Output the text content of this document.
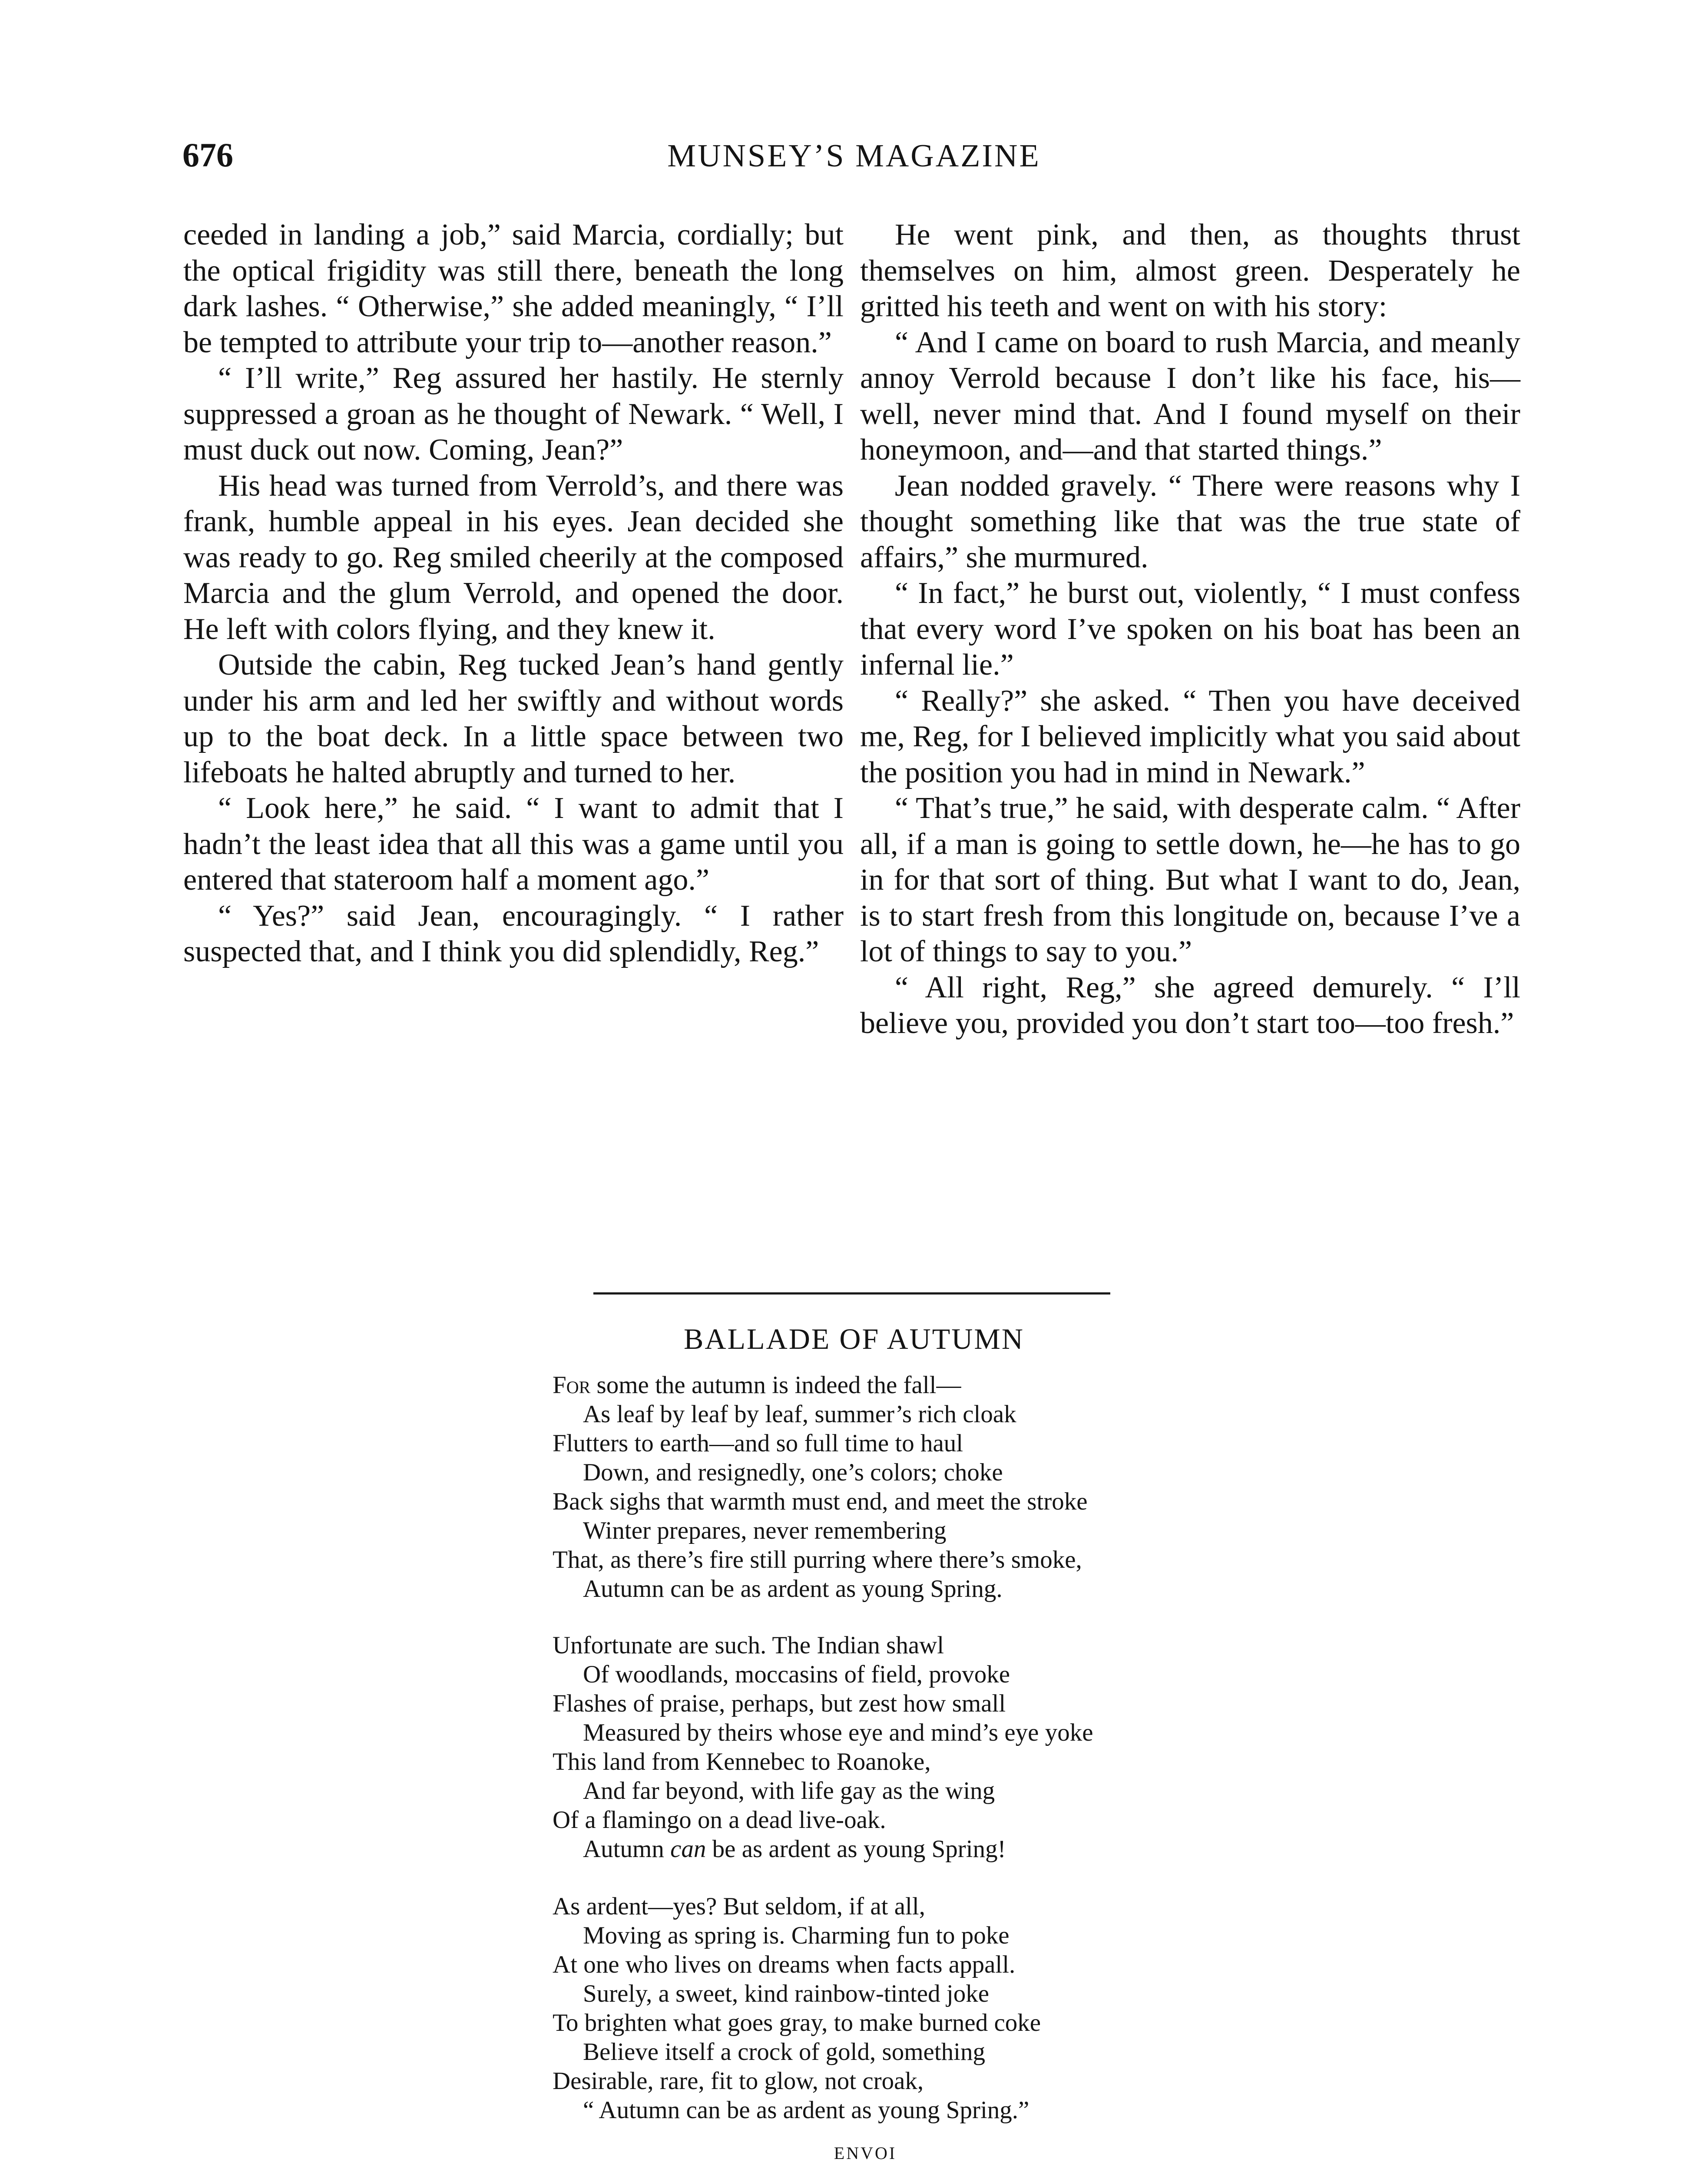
676	MUNSEY’S MAGAZINE

ceeded in landing a job,” said Marcia, cordially; but the optical frigidity was still there, beneath the long dark lashes. “ Otherwise,” she added meaningly, “ I’ll be tempted to attribute your trip to—another reason.”

“ I’ll write,” Reg assured her hastily. He sternly suppressed a groan as he thought of Newark. “ Well, I must duck out now. Coming, Jean?”

His head was turned from Verrold’s, and there was frank, humble appeal in his eyes. Jean decided she was ready to go. Reg smiled cheerily at the composed Marcia and the glum Verrold, and opened the door. He left with colors flying, and they knew it.

Outside the cabin, Reg tucked Jean’s hand gently under his arm and led her swiftly and without words up to the boat deck. In a little space between two lifeboats he halted abruptly and turned to her.

“ Look here,” he said. “ I want to admit that I hadn’t the least idea that all this was a game until you entered that stateroom half a moment ago.”

“ Yes?” said Jean, encouragingly. “ I rather suspected that, and I think you did splendidly, Reg.”

He went pink, and then, as thoughts thrust themselves on him, almost green. Desperately he gritted his teeth and went on with his story:

“ And I came on board to rush Marcia, and meanly annoy Verrold because I don’t like his face, his—well, never mind that. And I found myself on their honeymoon, and—and that started things.”

Jean nodded gravely. “ There were reasons why I thought something like that was the true state of affairs,” she murmured.

“ In fact,” he burst out, violently, “ I must confess that every word I’ve spoken on his boat has been an infernal lie.”

“ Really?” she asked. “ Then you have deceived me, Reg, for I believed implicitly what you said about the position you had in mind in Newark.”

“ That’s true,” he said, with desperate calm. “ After all, if a man is going to settle down, he—he has to go in for that sort of thing. But what I want to do, Jean, is to start fresh from this longitude on, because I’ve a lot of things to say to you.”

“ All right, Reg,” she agreed demurely. “ I’ll believe you, provided you don’t start too—too fresh.”

BALLADE OF AUTUMN
For some the autumn is indeed the fall—
As leaf by leaf by leaf, summer’s rich cloak
Flutters to earth—and so full time to haul
Down, and resignedly, one’s colors; choke
Back sighs that warmth must end, and meet the stroke
Winter prepares, never remembering
That, as there’s fire still purring where there’s smoke,
Autumn can be as ardent as young Spring.
Unfortunate are such. The Indian shawl
Of woodlands, moccasins of field, provoke
Flashes of praise, perhaps, but zest how small
Measured by theirs whose eye and mind’s eye yoke
This land from Kennebec to Roanoke,
And far beyond, with life gay as the wing
Of a flamingo on a dead live-oak.
Autumn can be as ardent as young Spring!
As ardent—yes? But seldom, if at all,
Moving as spring is. Charming fun to poke
At one who lives on dreams when facts appall.
Surely, a sweet, kind rainbow-tinted joke
To brighten what goes gray, to make burned coke
Believe itself a crock of gold, something
Desirable, rare, fit to glow, not croak,
“ Autumn can be as ardent as young Spring.”
ENVOI
